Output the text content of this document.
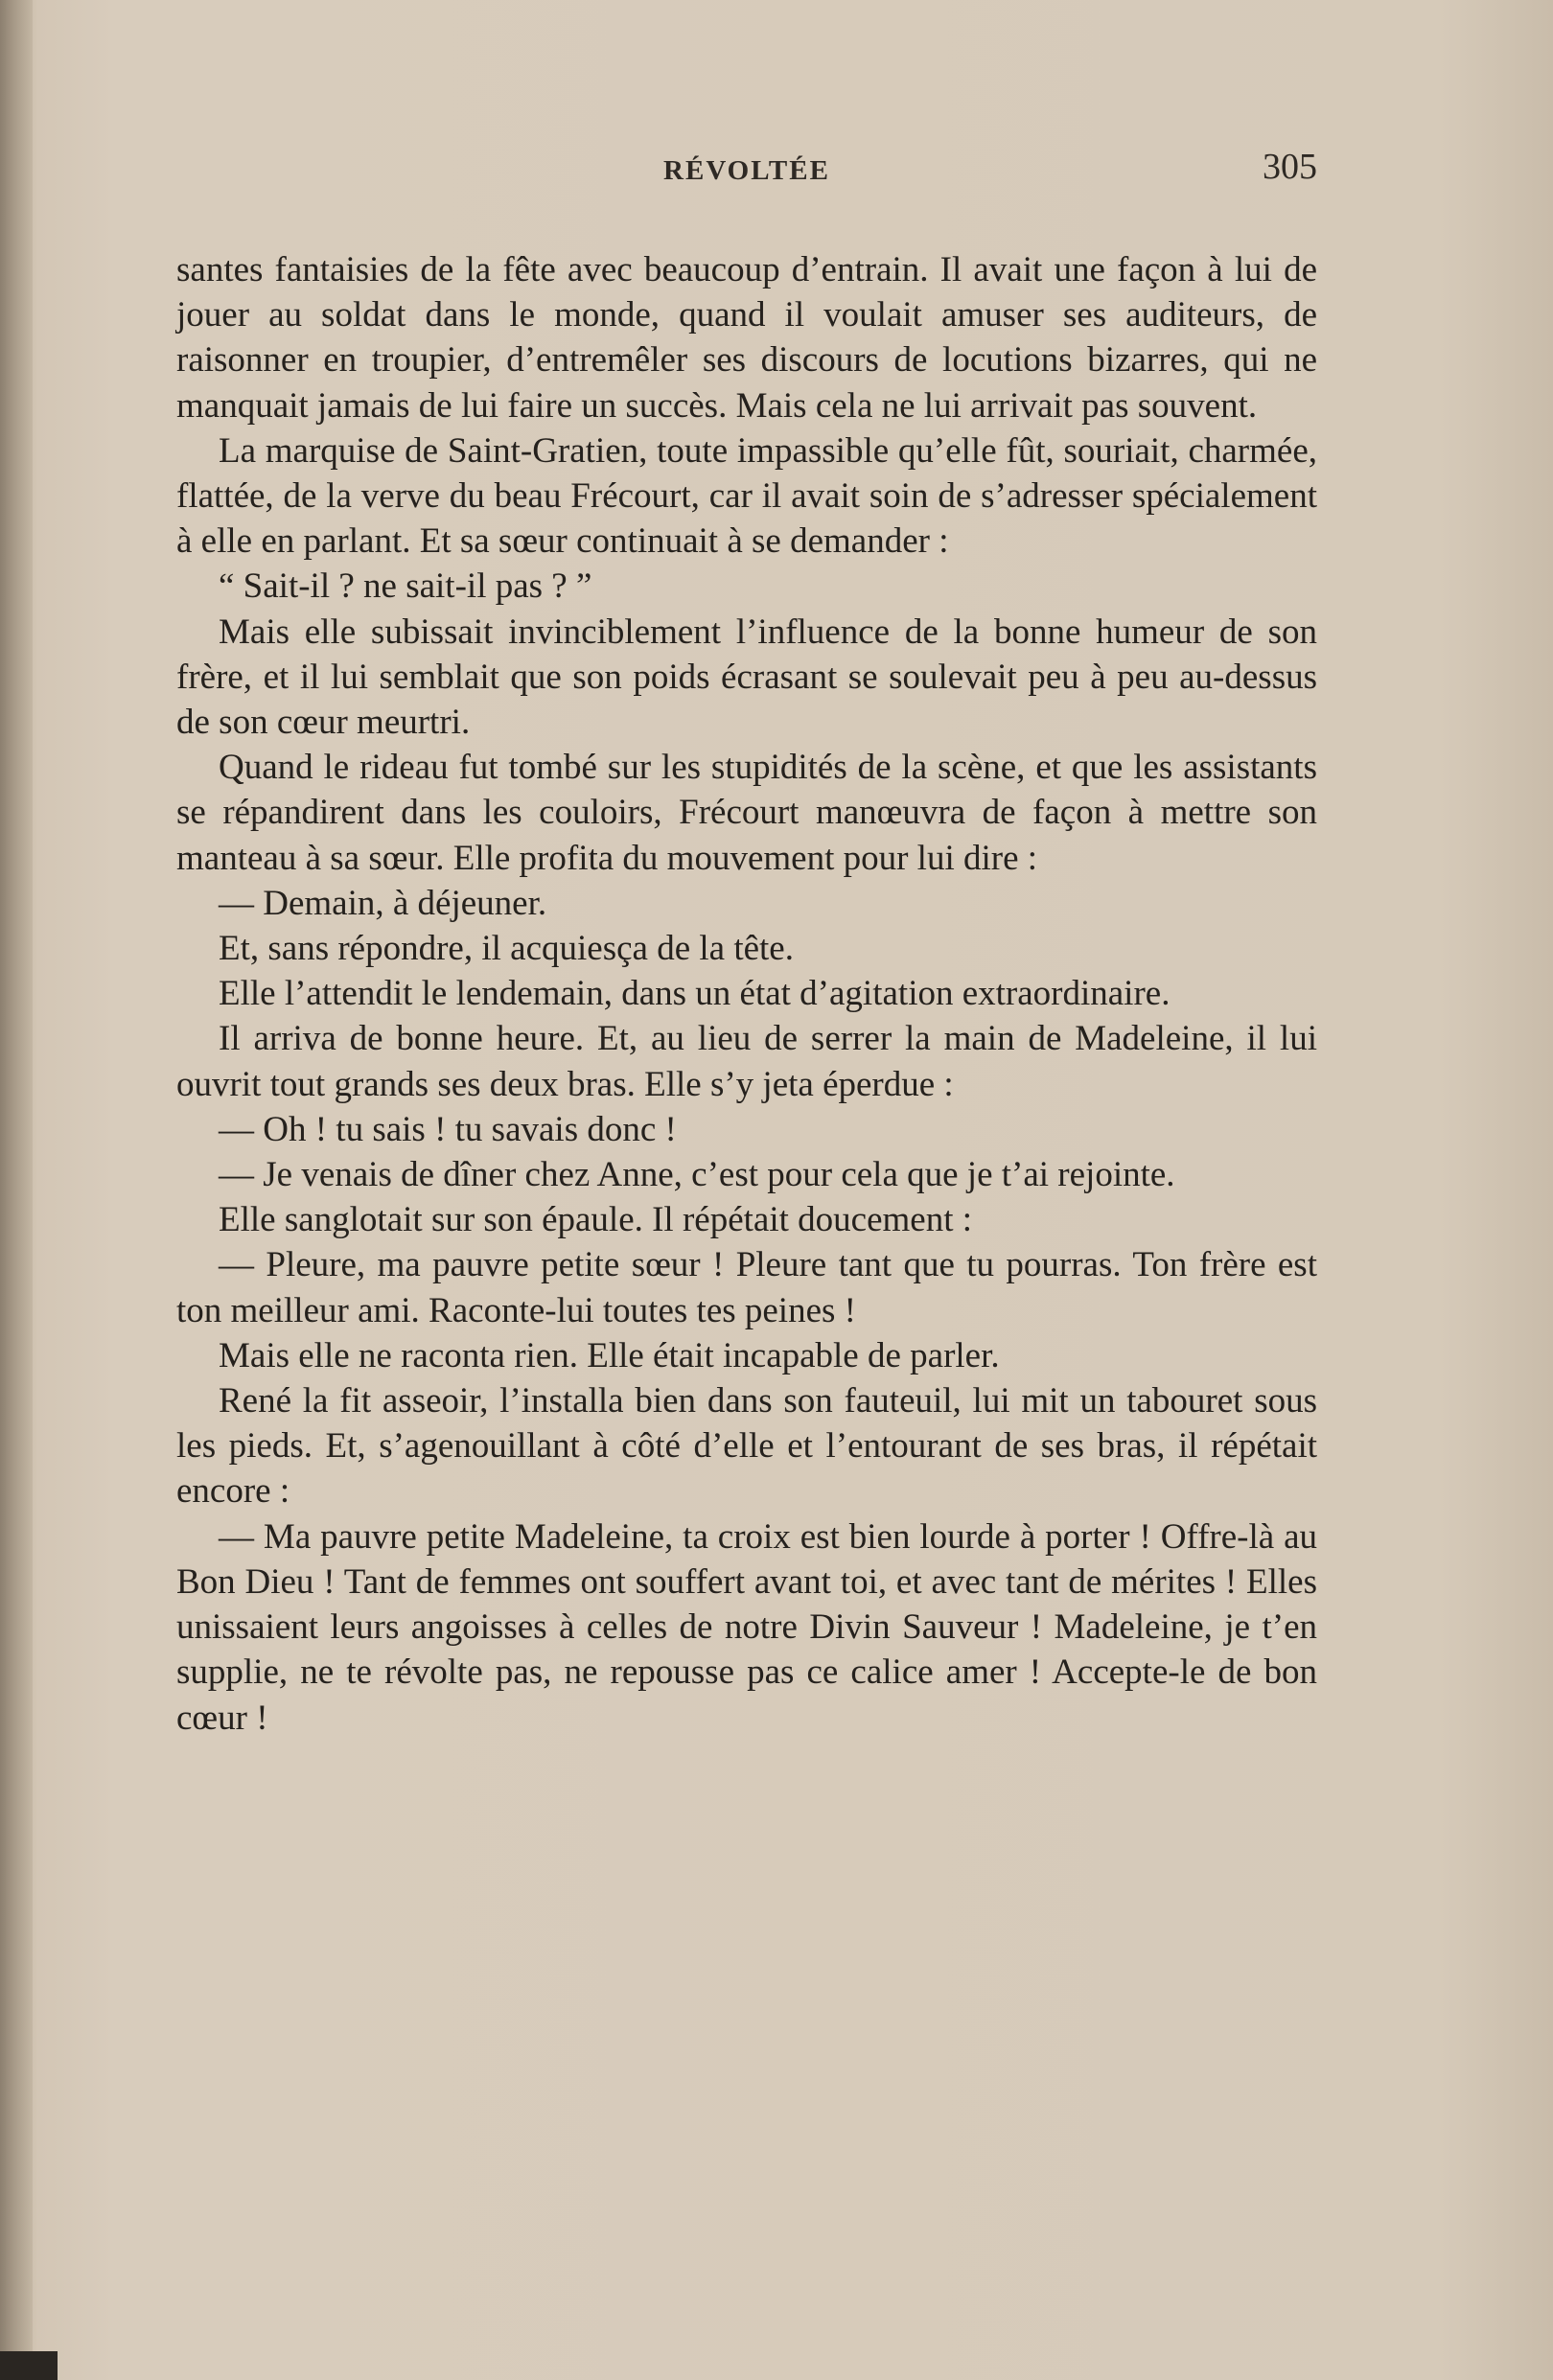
RÉVOLTÉE	305

santes fantaisies de la fête avec beaucoup d’entrain. Il avait une façon à lui de jouer au soldat dans le monde, quand il voulait amuser ses auditeurs, de raisonner en troupier, d’entremêler ses discours de locutions bizarres, qui ne manquait jamais de lui faire un succès. Mais cela ne lui arrivait pas souvent.

La marquise de Saint-Gratien, toute impassible qu’elle fût, souriait, charmée, flattée, de la verve du beau Frécourt, car il avait soin de s’adresser spécialement à elle en parlant. Et sa sœur continuait à se demander :

“ Sait-il ? ne sait-il pas ? ”

Mais elle subissait invinciblement l’influence de la bonne humeur de son frère, et il lui semblait que son poids écrasant se soulevait peu à peu au-dessus de son cœur meurtri.

Quand le rideau fut tombé sur les stupidités de la scène, et que les assistants se répandirent dans les couloirs, Frécourt manœuvra de façon à mettre son manteau à sa sœur. Elle profita du mouvement pour lui dire :

— Demain, à déjeuner.

Et, sans répondre, il acquiesça de la tête.

Elle l’attendit le lendemain, dans un état d’agitation extraordinaire.

Il arriva de bonne heure. Et, au lieu de serrer la main de Madeleine, il lui ouvrit tout grands ses deux bras. Elle s’y jeta éperdue :

— Oh ! tu sais ! tu savais donc !

— Je venais de dîner chez Anne, c’est pour cela que je t’ai rejointe.

Elle sanglotait sur son épaule. Il répétait doucement :

— Pleure, ma pauvre petite sœur ! Pleure tant que tu pourras. Ton frère est ton meilleur ami. Raconte-lui toutes tes peines !

Mais elle ne raconta rien. Elle était incapable de parler.

René la fit asseoir, l’installa bien dans son fauteuil, lui mit un tabouret sous les pieds. Et, s’agenouillant à côté d’elle et l’entourant de ses bras, il répétait encore :

— Ma pauvre petite Madeleine, ta croix est bien lourde à porter ! Offre-là au Bon Dieu ! Tant de femmes ont souffert avant toi, et avec tant de mérites ! Elles unissaient leurs angoisses à celles de notre Divin Sauveur ! Madeleine, je t’en supplie, ne te révolte pas, ne repousse pas ce calice amer ! Accepte-le de bon cœur !
